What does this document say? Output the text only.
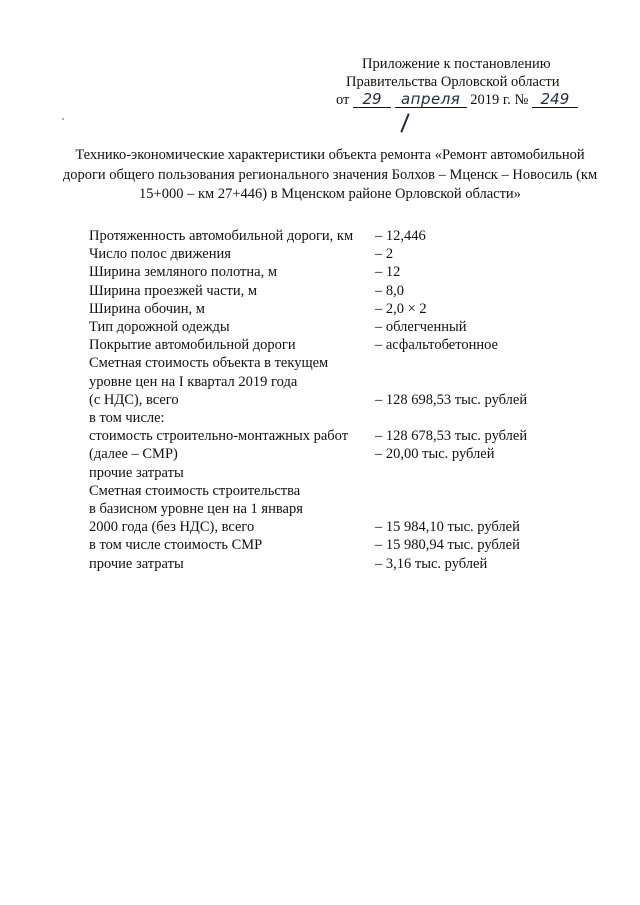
Приложение к постановлению
Правительства Орловской области
от 29 апреля 2019 г. № 249
Технико-экономические характеристики объекта ремонта «Ремонт автомобильной дороги общего пользования регионального значения Болхов – Мценск – Новосиль (км 15+000 – км 27+446) в Мценском районе Орловской области»
Протяженность автомобильной дороги, км	– 12,446
Число полос движения	– 2
Ширина земляного полотна, м	– 12
Ширина проезжей части, м	– 8,0
Ширина обочин, м	– 2,0 × 2
Тип дорожной одежды	– облегченный
Покрытие автомобильной дороги	– асфальтобетонное
Сметная стоимость объекта в текущем
уровне цен на I квартал 2019 года
(с НДС), всего	– 128 698,53 тыс. рублей
в том числе:
стоимость строительно-монтажных работ	– 128 678,53 тыс. рублей
(далее – СМР)	– 20,00 тыс. рублей
прочие затраты
Сметная стоимость строительства
в базисном уровне цен на 1 января
2000 года (без НДС), всего	– 15 984,10 тыс. рублей
в том числе стоимость СМР	– 15 980,94 тыс. рублей
прочие затраты	– 3,16 тыс. рублей
